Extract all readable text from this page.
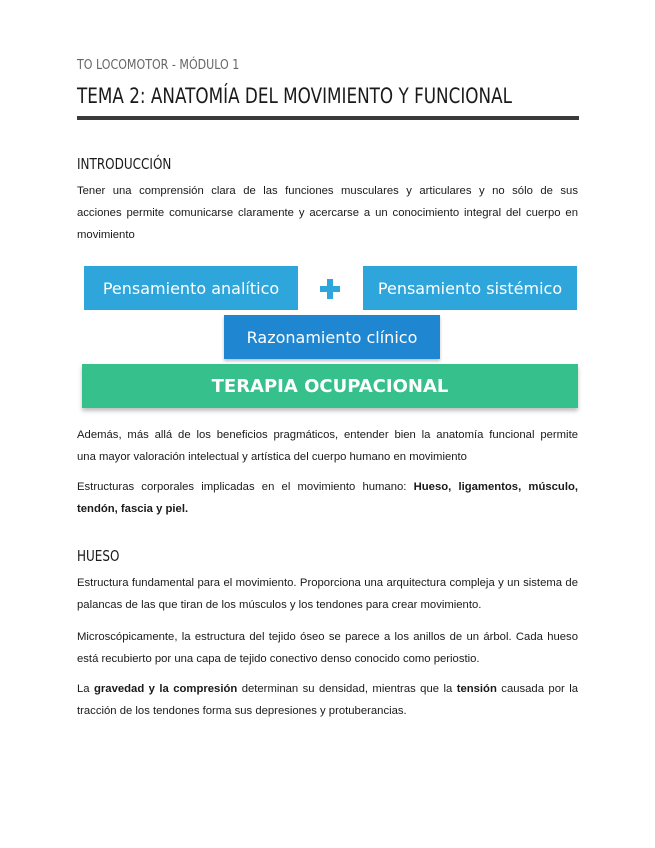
TO LOCOMOTOR - MÓDULO 1
TEMA 2: ANATOMÍA DEL MOVIMIENTO Y FUNCIONAL
INTRODUCCIÓN

Tener una comprensión clara de las funciones musculares y articulares y no sólo de sus

acciones permite comunicarse claramente y acercarse a un conocimiento integral del cuerpo en

movimiento

Pensamiento analítico	Pensamiento sistémico
Razonamiento clínico
TERAPIA OCUPACIONAL

Además, más allá de los beneficios pragmáticos, entender bien la anatomía funcional permite

una mayor valoración intelectual y artística del cuerpo humano en movimiento

Estructuras corporales implicadas en el movimiento humano: Hueso, ligamentos, músculo, tendón, fascia y piel.

HUESO

Estructura fundamental para el movimiento. Proporciona una arquitectura compleja y un sistema de palancas de las que tiran de los músculos y los tendones para crear movimiento.

Microscópicamente, la estructura del tejido óseo se parece a los anillos de un árbol. Cada hueso está recubierto por una capa de tejido conectivo denso conocido como periostio.

La gravedad y la compresión determinan su densidad, mientras que la tensión causada por la tracción de los tendones forma sus depresiones y protuberancias.
